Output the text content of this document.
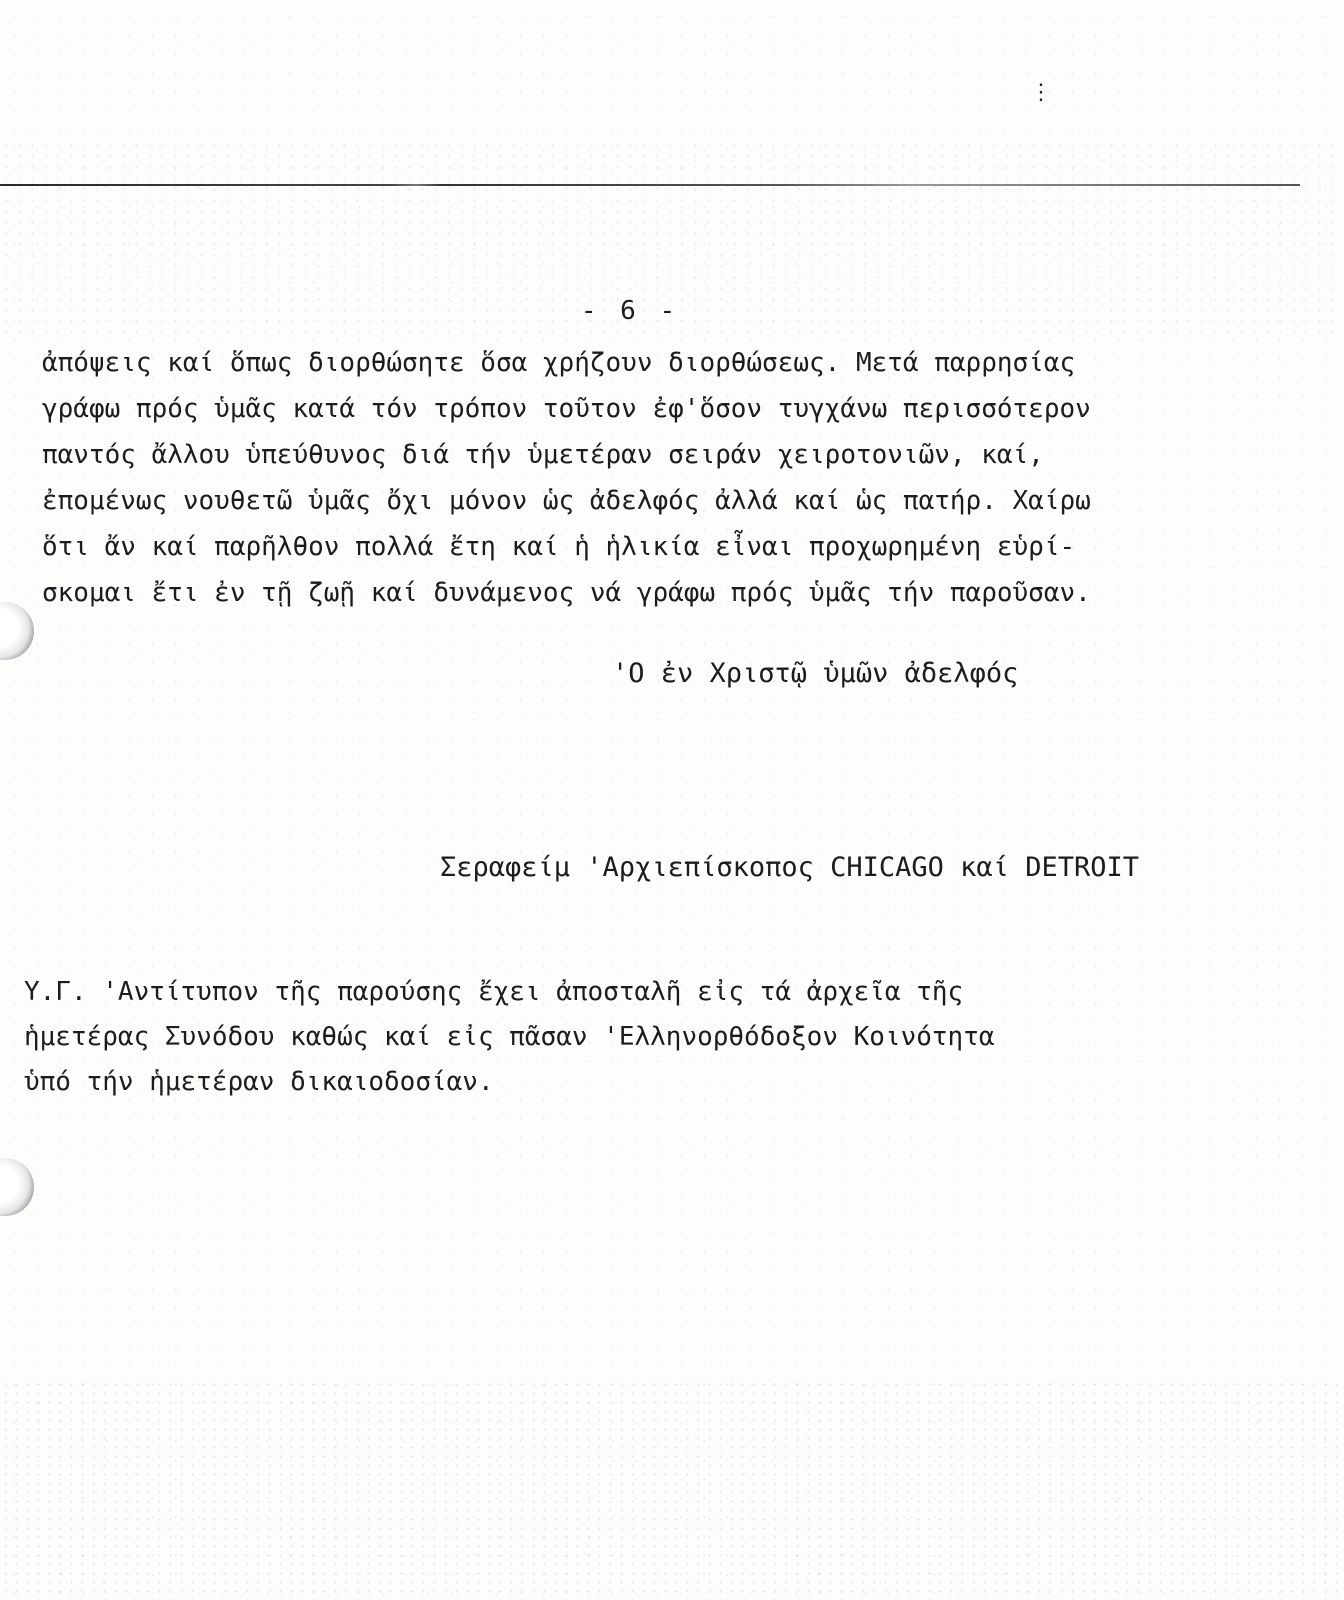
⋮
- 6 -
ἀπόψεις καί ὅπως διορθώσητε ὅσα χρήζουν διορθώσεως. Μετά παρρησίας
γράφω πρός ὑμᾶς κατά τόν τρόπον τοῦτον ἐφ'ὅσον τυγχάνω περισσότερον
παντός ἄλλου ὑπεύθυνος διά τήν ὑμετέραν σειράν χειροτονιῶν, καί,
ἐπομένως νουθετῶ ὑμᾶς ὄχι μόνον ὡς ἀδελφός ἀλλά καί ὡς πατήρ. Χαίρω
ὅτι ἄν καί παρῆλθον πολλά ἔτη καί ἡ ἡλικία εἶναι προχωρημένη εὑρί-
σκομαι ἔτι ἐν τῇ ζωῇ καί δυνάμενος νά γράφω πρός ὑμᾶς τήν παροῦσαν.
'Ο ἐν Χριστῷ ὑμῶν ἀδελφός
Σεραφείμ 'Αρχιεπίσκοπος CHICAGO καί DETROIT
Υ.Γ. 'Αντίτυπον τῆς παρούσης ἔχει ἀποσταλῆ εἰς τά ἀρχεῖα τῆς
ἡμετέρας Συνόδου καθώς καί εἰς πᾶσαν 'Ελληνορθόδοξον Κοινότητα
ὑπό τήν ἡμετέραν δικαιοδοσίαν.
